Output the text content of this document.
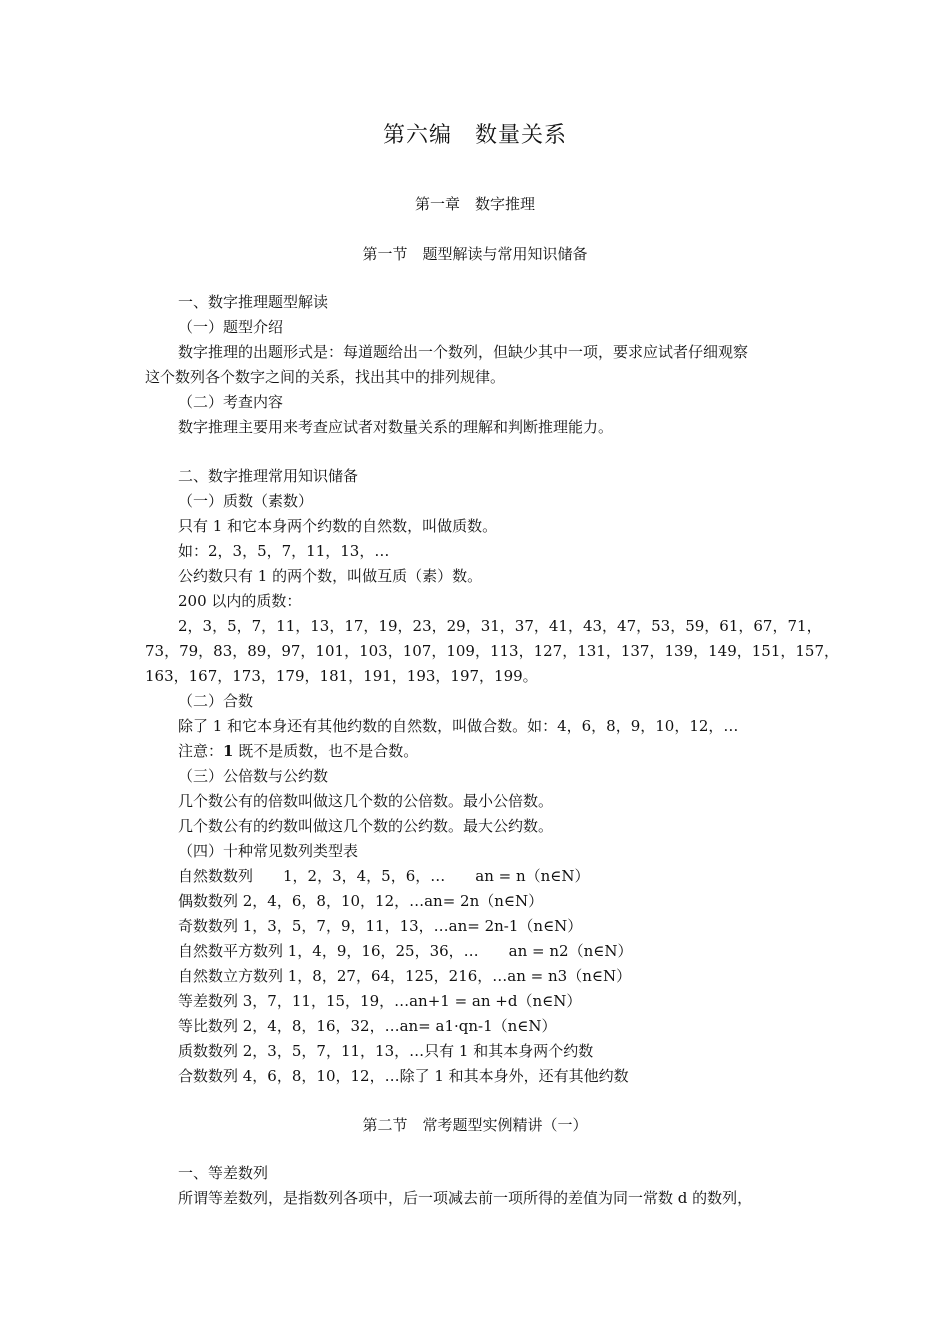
第六编　数量关系
第一章　数字推理
第一节　题型解读与常用知识储备
一、数字推理题型解读
（一）题型介绍
数字推理的出题形式是：每道题给出一个数列，但缺少其中一项，要求应试者仔细观察
这个数列各个数字之间的关系，找出其中的排列规律。
（二）考查内容
数字推理主要用来考查应试者对数量关系的理解和判断推理能力。
二、数字推理常用知识储备
（一）质数（素数）
只有 1 和它本身两个约数的自然数，叫做质数。
如：2，3，5，7，11，13，…
公约数只有 1 的两个数，叫做互质（素）数。
200 以内的质数：
2，3，5，7，11，13，17，19，23，29，31，37，41，43，47，53，59，61，67，71，
73，79，83，89，97，101，103，107，109，113，127，131，137，139，149，151，157，
163，167，173，179，181，191，193，197，199。
（二）合数
除了 1 和它本身还有其他约数的自然数，叫做合数。如：4，6，8，9，10，12，…
注意：1 既不是质数，也不是合数。
（三）公倍数与公约数
几个数公有的倍数叫做这几个数的公倍数。最小公倍数。
几个数公有的约数叫做这几个数的公约数。最大公约数。
（四）十种常见数列类型表
自然数数列　　1，2，3，4，5，6，…　　an = n（n∈N）
偶数数列 2，4，6，8，10，12，…an= 2n（n∈N）
奇数数列 1，3，5，7，9，11，13，…an= 2n-1（n∈N）
自然数平方数列 1，4，9，16，25，36，…　　an = n2（n∈N）
自然数立方数列 1，8，27，64，125，216，…an = n3（n∈N）
等差数列 3，7，11，15，19，…an+1 = an +d（n∈N）
等比数列 2，4，8，16，32，…an= a1·qn-1（n∈N）
质数数列 2，3，5，7，11，13，…只有 1 和其本身两个约数
合数数列 4，6，8，10，12，…除了 1 和其本身外，还有其他约数
第二节　常考题型实例精讲（一）
一、等差数列
所谓等差数列，是指数列各项中，后一项减去前一项所得的差值为同一常数 d 的数列，
